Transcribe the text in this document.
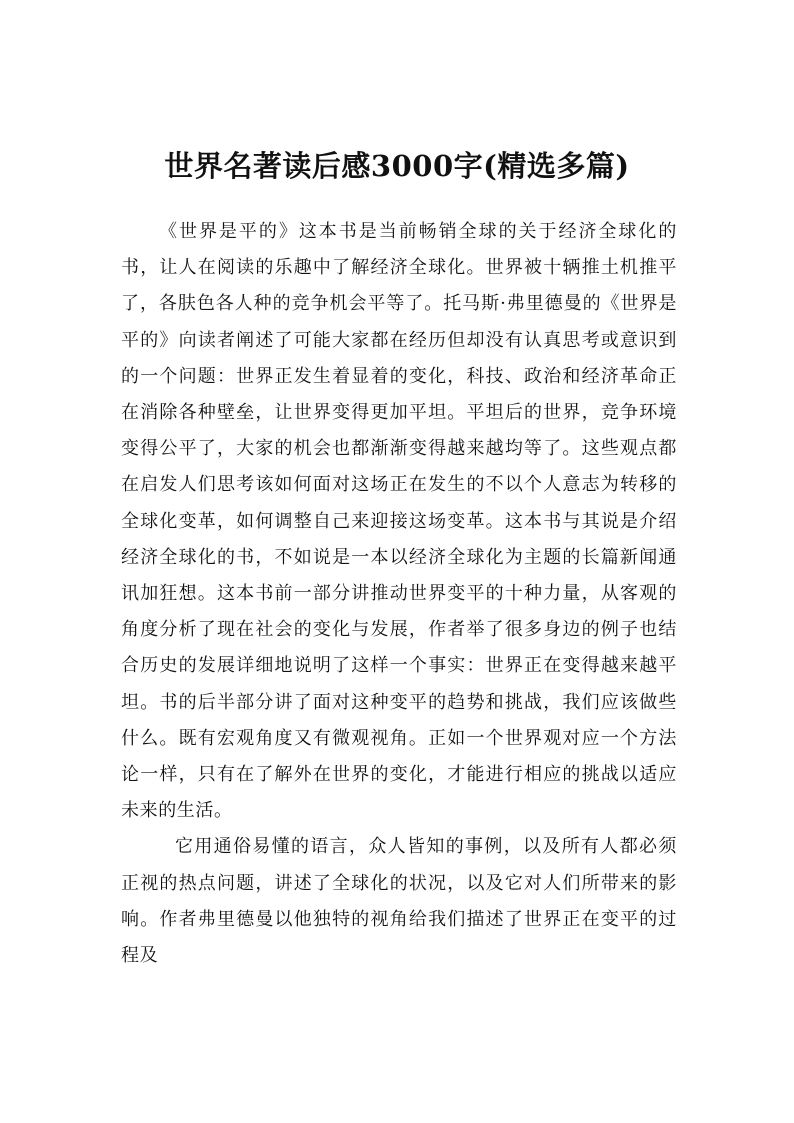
世界名著读后感3000字(精选多篇)

《世界是平的》这本书是当前畅销全球的关于经济全球化的书，让人在阅读的乐趣中了解经济全球化。世界被十辆推土机推平了，各肤色各人种的竞争机会平等了。托马斯·弗里德曼的《世界是平的》向读者阐述了可能大家都在经历但却没有认真思考或意识到的一个问题：世界正发生着显着的变化，科技、政治和经济革命正在消除各种壁垒，让世界变得更加平坦。平坦后的世界，竞争环境变得公平了，大家的机会也都渐渐变得越来越均等了。这些观点都在启发人们思考该如何面对这场正在发生的不以个人意志为转移的全球化变革，如何调整自己来迎接这场变革。这本书与其说是介绍经济全球化的书，不如说是一本以经济全球化为主题的长篇新闻通讯加狂想。这本书前一部分讲推动世界变平的十种力量，从客观的角度分析了现在社会的变化与发展，作者举了很多身边的例子也结合历史的发展详细地说明了这样一个事实：世界正在变得越来越平坦。书的后半部分讲了面对这种变平的趋势和挑战，我们应该做些什么。既有宏观角度又有微观视角。正如一个世界观对应一个方法论一样，只有在了解外在世界的变化，才能进行相应的挑战以适应未来的生活。

它用通俗易懂的语言，众人皆知的事例，以及所有人都必须正视的热点问题，讲述了全球化的状况，以及它对人们所带来的影响。作者弗里德曼以他独特的视角给我们描述了世界正在变平的过程及
